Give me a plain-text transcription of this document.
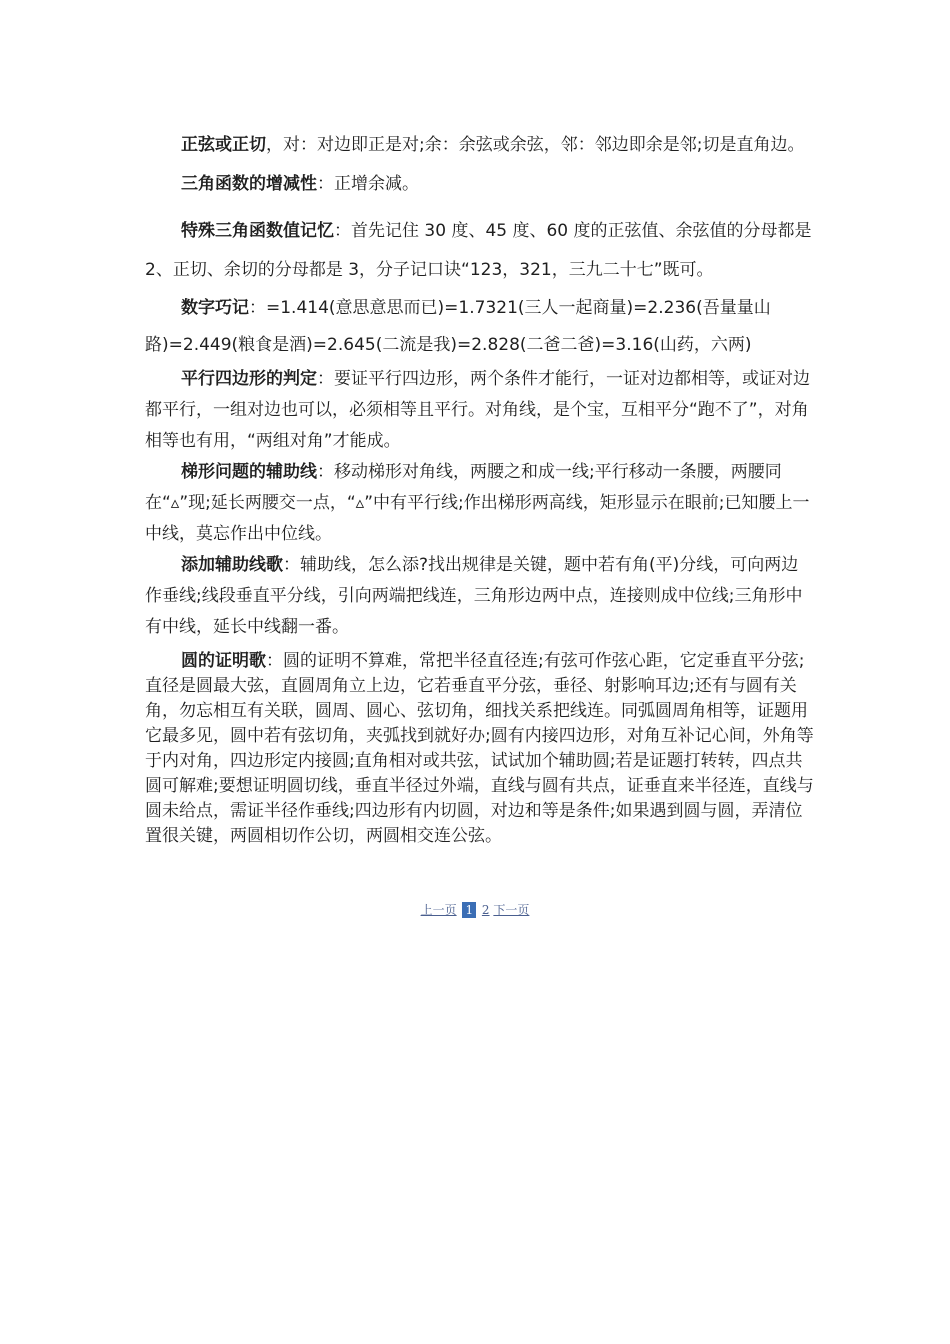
正弦或正切，对：对边即正是对;余：余弦或余弦，邻：邻边即余是邻;切是直角边。

三角函数的增减性：正增余减。

特殊三角函数值记忆：首先记住 30 度、45 度、60 度的正弦值、余弦值的分母都是 2、正切、余切的分母都是 3，分子记口诀“123，321，三九二十七”既可。

数字巧记：=1.414(意思意思而已)=1.7321(三人一起商量)=2.236(吾量量山路)=2.449(粮食是酒)=2.645(二流是我)=2.828(二爸二爸)=3.16(山药，六两)

平行四边形的判定：要证平行四边形，两个条件才能行，一证对边都相等，或证对边都平行，一组对边也可以，必须相等且平行。对角线，是个宝，互相平分“跑不了”，对角相等也有用，“两组对角”才能成。

梯形问题的辅助线：移动梯形对角线，两腰之和成一线;平行移动一条腰，两腰同在“▵”现;延长两腰交一点，“▵”中有平行线;作出梯形两高线，矩形显示在眼前;已知腰上一中线，莫忘作出中位线。

添加辅助线歌：辅助线，怎么添?找出规律是关键，题中若有角(平)分线，可向两边作垂线;线段垂直平分线，引向两端把线连，三角形边两中点，连接则成中位线;三角形中有中线，延长中线翻一番。

圆的证明歌：圆的证明不算难，常把半径直径连;有弦可作弦心距，它定垂直平分弦;直径是圆最大弦，直圆周角立上边，它若垂直平分弦，垂径、射影响耳边;还有与圆有关角，勿忘相互有关联，圆周、圆心、弦切角，细找关系把线连。同弧圆周角相等，证题用它最多见，圆中若有弦切角，夹弧找到就好办;圆有内接四边形，对角互补记心间，外角等于内对角，四边形定内接圆;直角相对或共弦，试试加个辅助圆;若是证题打转转，四点共圆可解难;要想证明圆切线，垂直半径过外端，直线与圆有共点，证垂直来半径连，直线与圆未给点，需证半径作垂线;四边形有内切圆，对边和等是条件;如果遇到圆与圆，弄清位置很关键，两圆相切作公切，两圆相交连公弦。

上一页 1 2 下一页
